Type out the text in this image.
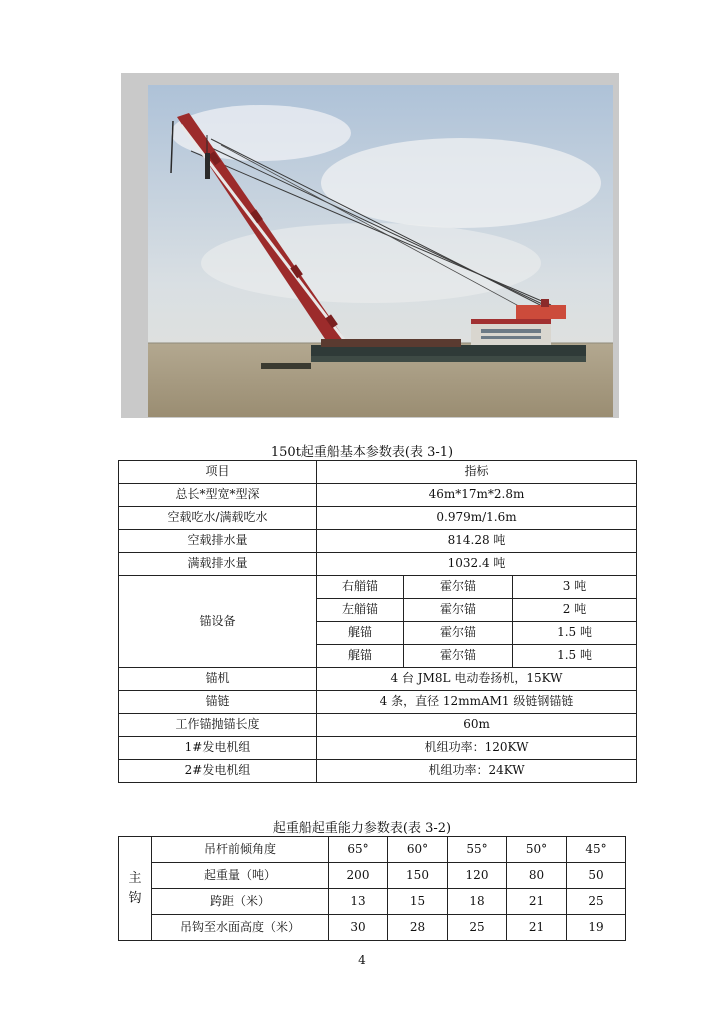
150t起重船基本参数表(表 3-1)
项目	指标		
总长*型宽*型深	46m*17m*2.8m		
空载吃水/满载吃水	0.979m/1.6m		
空载排水量	814.28 吨		
满载排水量	1032.4 吨		
锚设备	右艏锚	霍尔锚	3 吨
	左艏锚	霍尔锚	2 吨
	艉锚	霍尔锚	1.5 吨
	艉锚	霍尔锚	1.5 吨
锚机	4 台 JM8L 电动卷扬机，15KW		
锚链	4 条，直径 12mmAM1 级链钢锚链		
工作锚抛锚长度	60m		
1#发电机组	机组功率：120KW		
2#发电机组	机组功率：24KW		
起重船起重能力参数表(表 3-2)
主钩	吊杆前倾角度	65°	60°	55°	50°	45°
	起重量（吨）	200	150	120	80	50
	跨距（米）	13	15	18	21	25
	吊钩至水面高度（米）	30	28	25	21	19
4
